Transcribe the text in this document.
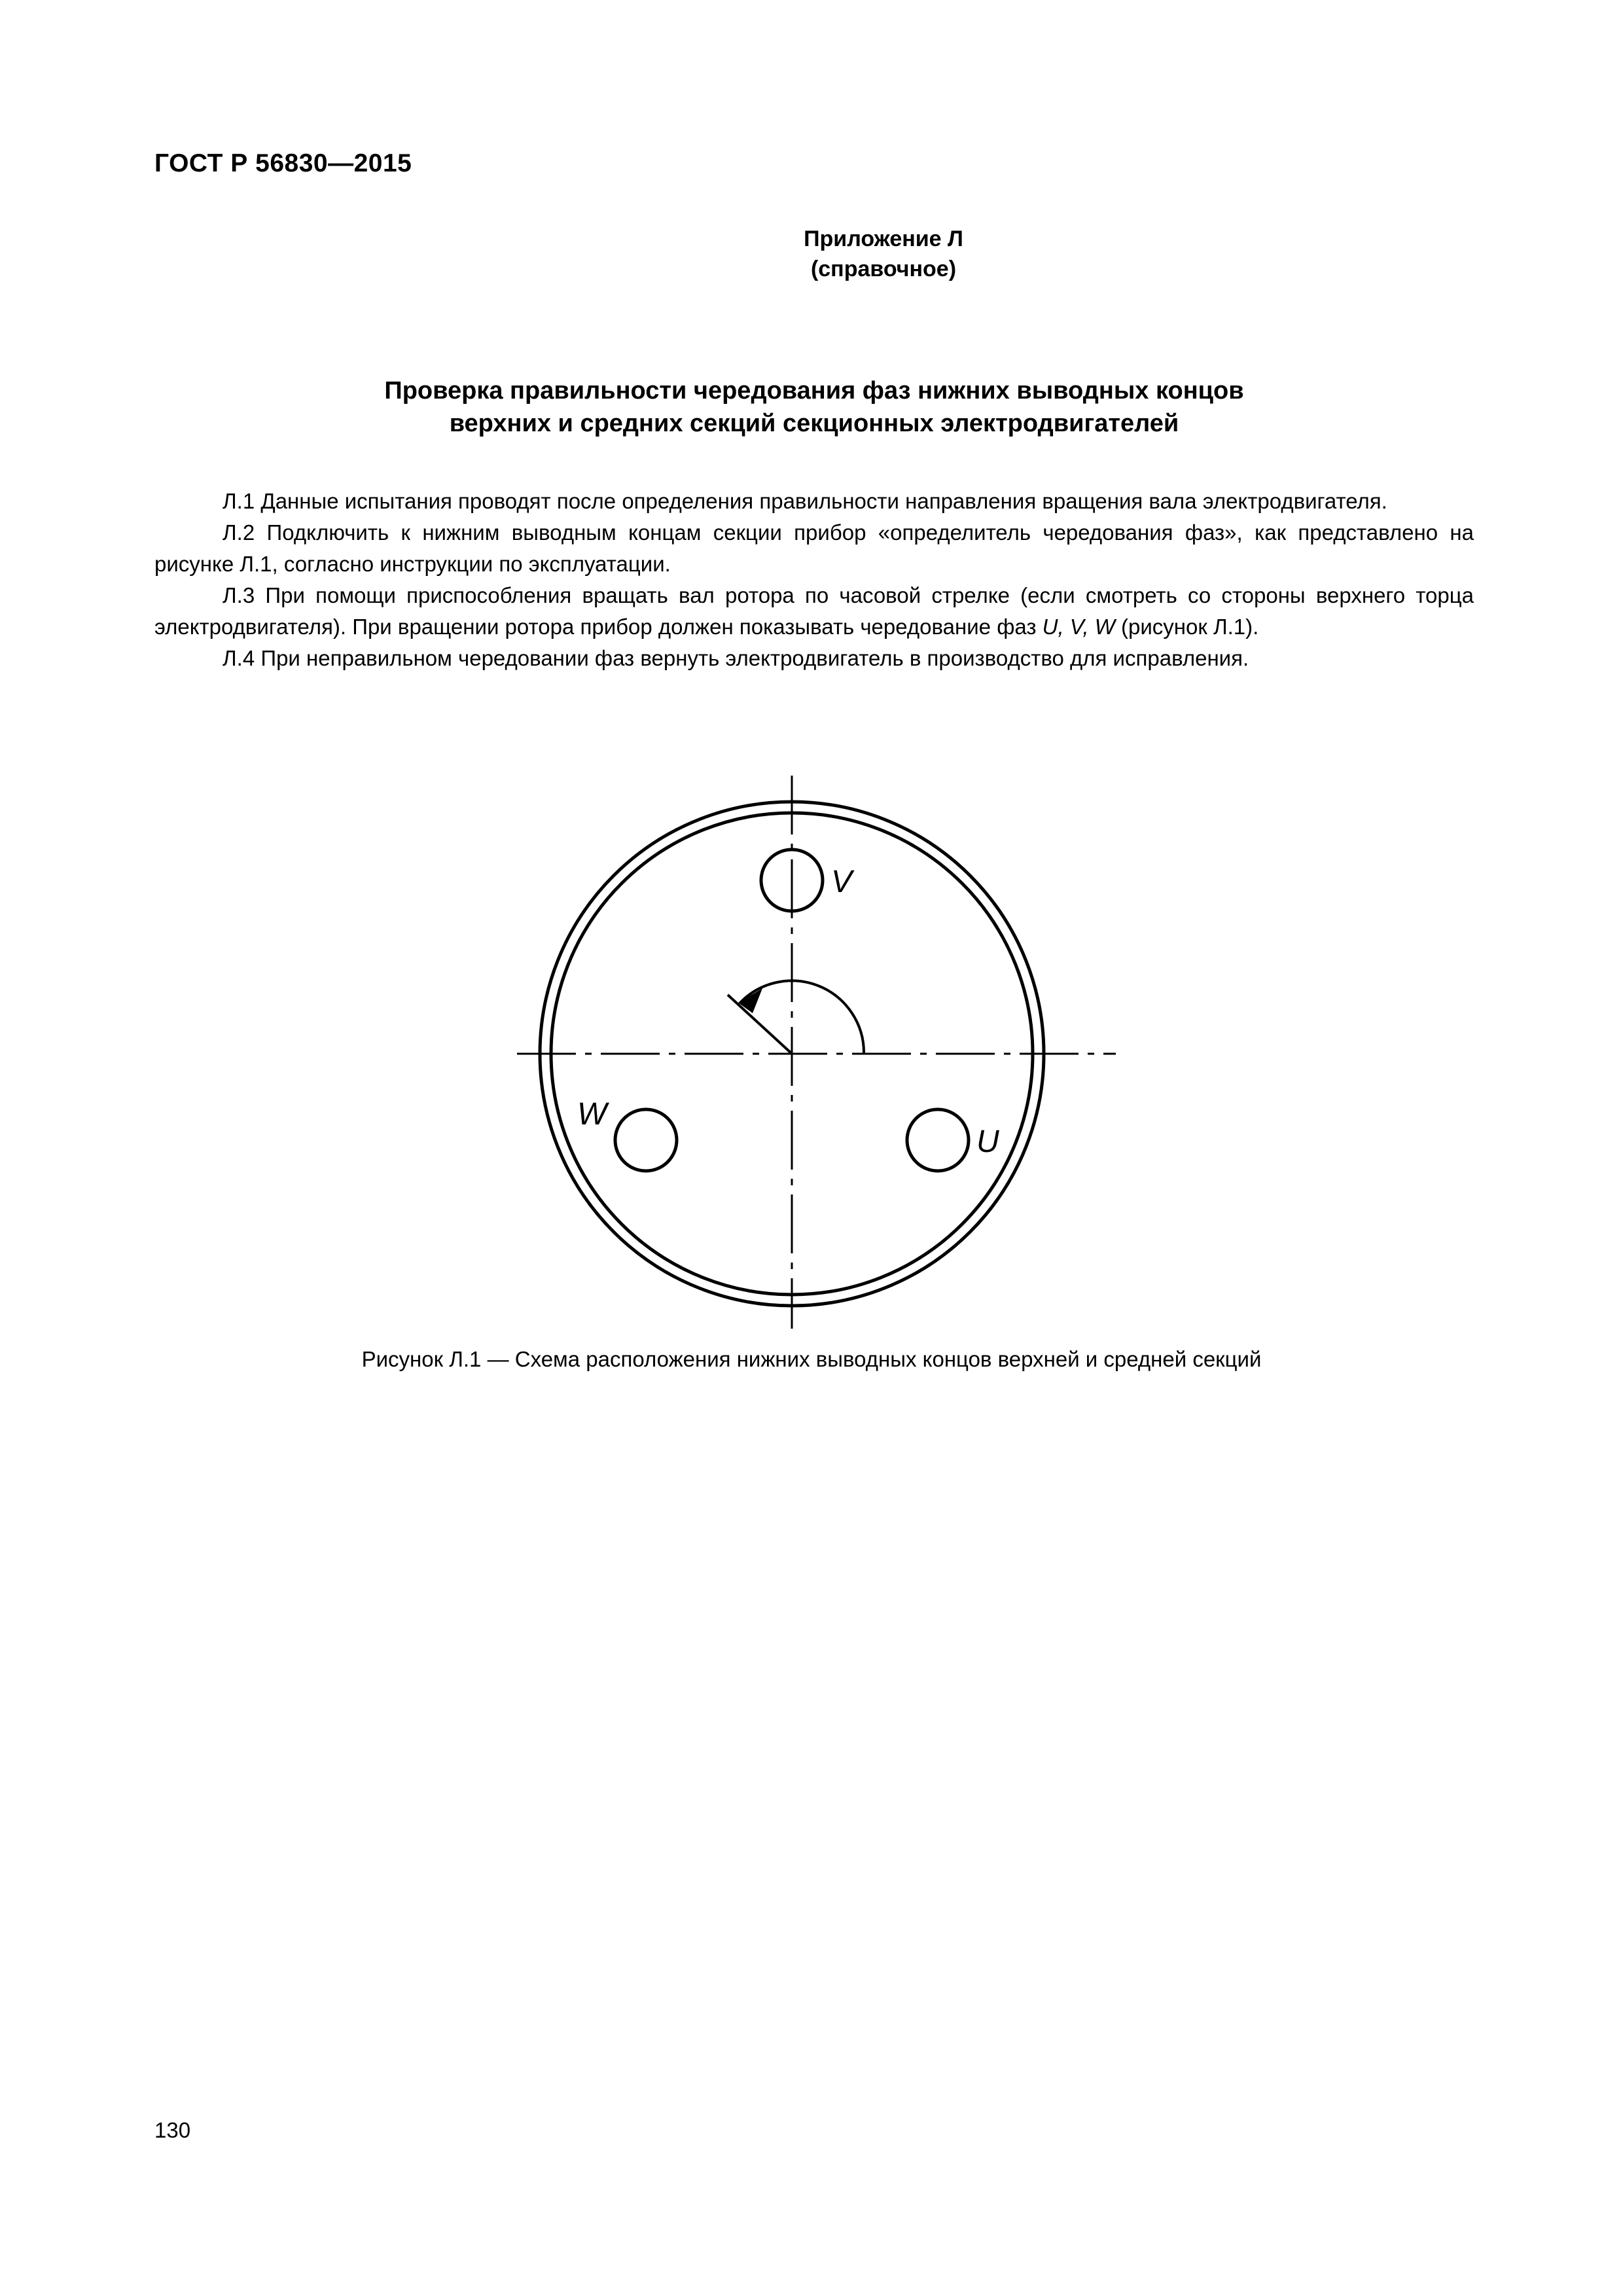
ГОСТ Р 56830—2015
Приложение Л
(справочное)
Проверка правильности чередования фаз нижних выводных концов
верхних и средних секций секционных электродвигателей

Л.1 Данные испытания проводят после определения правильности направления вращения вала электродвигателя.

Л.2 Подключить к нижним выводным концам секции прибор «определитель чередования фаз», как представлено на рисунке Л.1, согласно инструкции по эксплуатации.

Л.3 При помощи приспособления вращать вал ротора по часовой стрелке (если смотреть со стороны верхнего торца электродвигателя). При вращении ротора прибор должен показывать чередование фаз U, V, W (рисунок Л.1).

Л.4 При неправильном чередовании фаз вернуть электродвигатель в производство для исправления.

V
W
U
Рисунок Л.1 — Схема расположения нижних выводных концов верхней и средней секций
130
